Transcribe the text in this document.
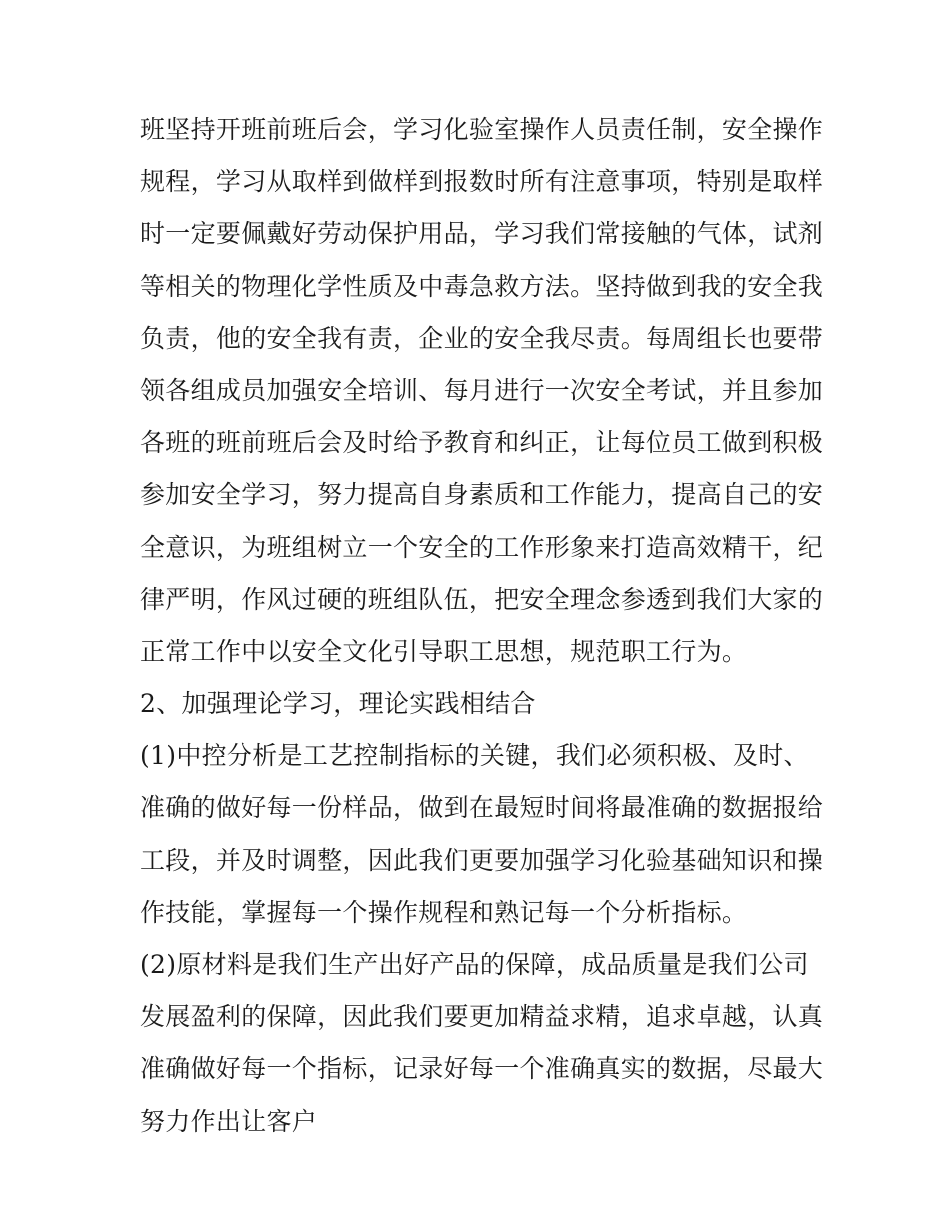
班坚持开班前班后会，学习化验室操作人员责任制，安全操作
规程，学习从取样到做样到报数时所有注意事项，特别是取样
时一定要佩戴好劳动保护用品，学习我们常接触的气体，试剂
等相关的物理化学性质及中毒急救方法。坚持做到我的安全我
负责，他的安全我有责，企业的安全我尽责。每周组长也要带
领各组成员加强安全培训、每月进行一次安全考试，并且参加
各班的班前班后会及时给予教育和纠正，让每位员工做到积极
参加安全学习，努力提高自身素质和工作能力，提高自己的安
全意识，为班组树立一个安全的工作形象来打造高效精干，纪
律严明，作风过硬的班组队伍，把安全理念参透到我们大家的
正常工作中以安全文化引导职工思想，规范职工行为。
2、加强理论学习，理论实践相结合
(1)中控分析是工艺控制指标的关键，我们必须积极、及时、
准确的做好每一份样品，做到在最短时间将最准确的数据报给
工段，并及时调整，因此我们更要加强学习化验基础知识和操
作技能，掌握每一个操作规程和熟记每一个分析指标。
(2)原材料是我们生产出好产品的保障，成品质量是我们公司
发展盈利的保障，因此我们要更加精益求精，追求卓越，认真
准确做好每一个指标，记录好每一个准确真实的数据，尽最大
努力作出让客户
